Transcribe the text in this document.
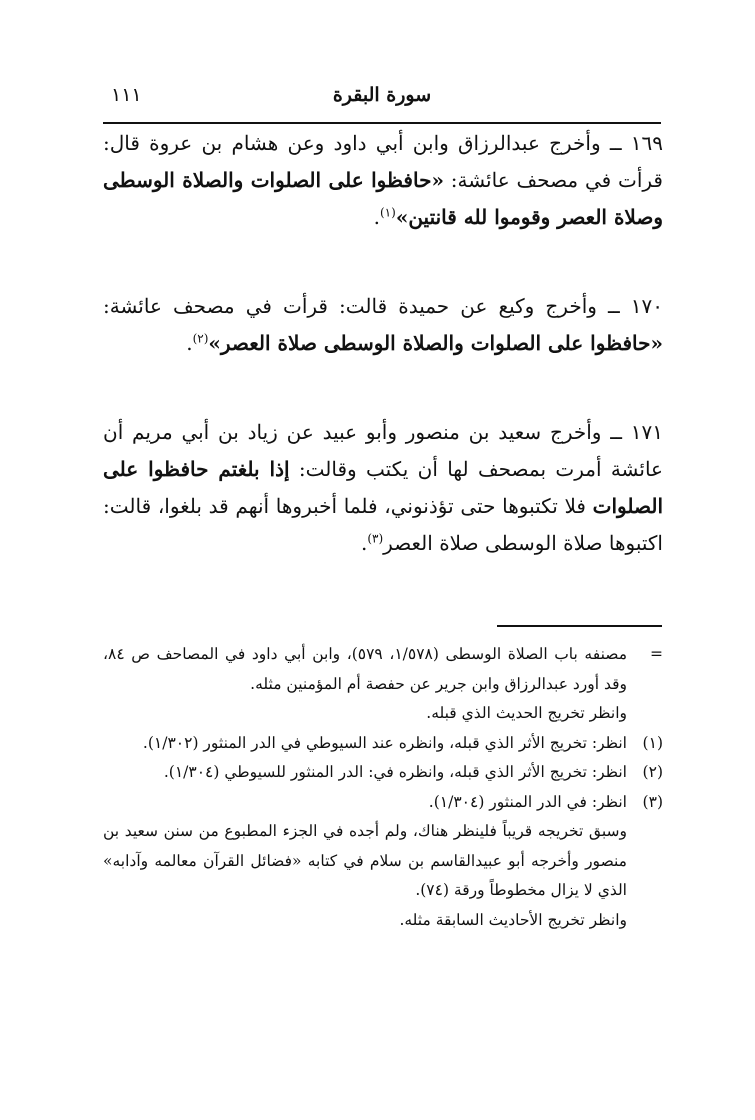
١١١	سورة البقرة

١٦٩ ــ وأخرج عبدالرزاق وابن أبي داود وعن هشام بن عروة قال: قرأت في مصحف عائشة: «حافظوا على الصلوات والصلاة الوسطى وصلاة العصر وقوموا لله قانتين»$^{(١)}$.

١٧٠ ــ وأخرج وكيع عن حميدة قالت: قرأت في مصحف عائشة: «حافظوا على الصلوات والصلاة الوسطى صلاة العصر»$^{(٢)}$.

١٧١ ــ وأخرج سعيد بن منصور وأبو عبيد عن زياد بن أبي مريم أن عائشة أمرت بمصحف لها أن يكتب وقالت: إذا بلغتم حافظوا على الصلوات فلا تكتبوها حتى تؤذنوني، فلما أخبروها أنهم قد بلغوا، قالت: اكتبوها صلاة الوسطى صلاة العصر$^{(٣)}$.

=
مصنفه باب الصلاة الوسطى (١/٥٧٨، ٥٧٩)، وابن أبي داود في المصاحف ص ٨٤، وقد أورد عبدالرزاق وابن جرير عن حفصة أم المؤمنين مثله.

وانظر تخريج الحديث الذي قبله.

(١)
انظر: تخريج الأثر الذي قبله، وانظره عند السيوطي في الدر المنثور (١/٣٠٢).

(٢)
انظر: تخريج الأثر الذي قبله، وانظره في: الدر المنثور للسيوطي (١/٣٠٤).

(٣)
انظر: في الدر المنثور (١/٣٠٤).

وسبق تخريجه قريباً فلينظر هناك، ولم أجده في الجزء المطبوع من سنن سعيد بن منصور وأخرجه أبو عبيدالقاسم بن سلام في كتابه «فضائل القرآن معالمه وآدابه» الذي لا يزال مخطوطاً ورقة (٧٤).

وانظر تخريج الأحاديث السابقة مثله.
